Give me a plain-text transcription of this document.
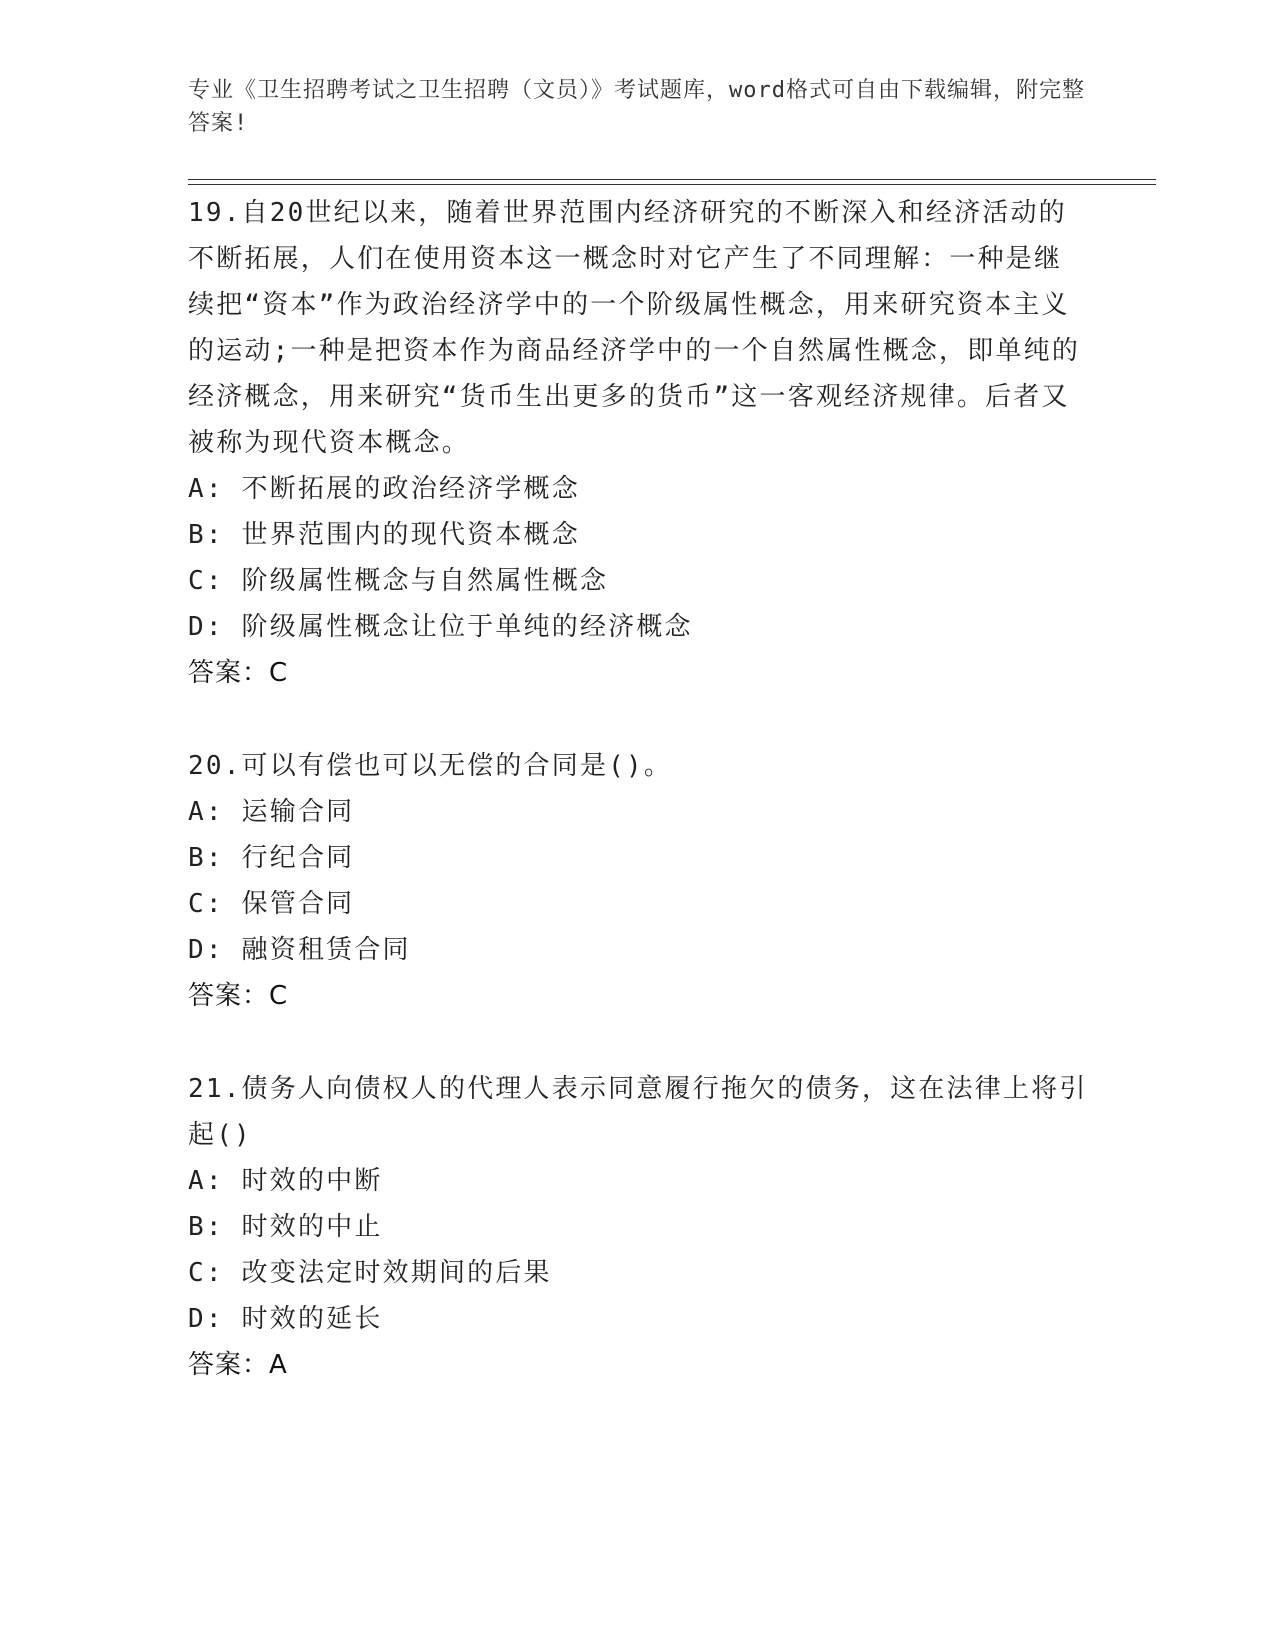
专业《卫生招聘考试之卫生招聘（文员）》考试题库，word格式可自由下载编辑，附完整答案!
19.自20世纪以来，随着世界范围内经济研究的不断深入和经济活动的不断拓展，人们在使用资本这一概念时对它产生了不同理解：一种是继续把“资本”作为政治经济学中的一个阶级属性概念，用来研究资本主义的运动;一种是把资本作为商品经济学中的一个自然属性概念，即单纯的经济概念，用来研究“货币生出更多的货币”这一客观经济规律。后者又被称为现代资本概念。
A: 不断拓展的政治经济学概念
B: 世界范围内的现代资本概念
C: 阶级属性概念与自然属性概念
D: 阶级属性概念让位于单纯的经济概念
答案：C
20.可以有偿也可以无偿的合同是()。
A: 运输合同
B: 行纪合同
C: 保管合同
D: 融资租赁合同
答案：C
21.债务人向债权人的代理人表示同意履行拖欠的债务，这在法律上将引起()
A: 时效的中断
B: 时效的中止
C: 改变法定时效期间的后果
D: 时效的延长
答案：A
